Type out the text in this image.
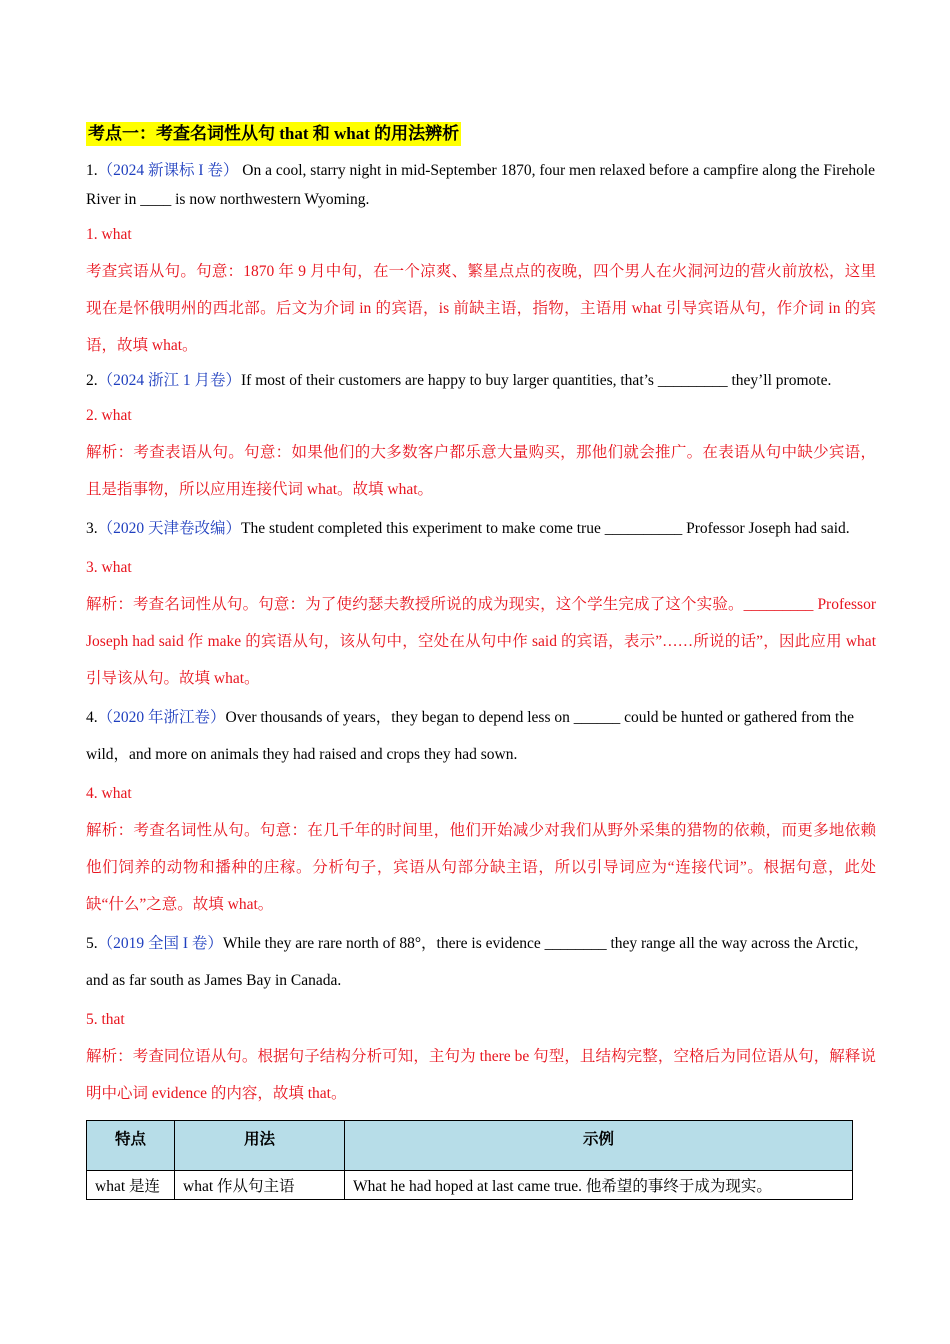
考点一：考查名词性从句 that 和 what 的用法辨析

1.（2024 新课标 I 卷） On a cool, starry night in mid-September 1870, four men relaxed before a campfire along the Firehole River in ____ is now northwestern Wyoming.

1. what

考查宾语从句。句意：1870 年 9 月中旬，在一个凉爽、繁星点点的夜晚，四个男人在火洞河边的营火前放松，这里现在是怀俄明州的西北部。后文为介词 in 的宾语，is 前缺主语，指物，主语用 what 引导宾语从句，作介词 in 的宾语，故填 what。

2.（2024 浙江 1 月卷）If most of their customers are happy to buy larger quantities, that’s _________ they’ll promote.

2. what

解析：考查表语从句。句意：如果他们的大多数客户都乐意大量购买，那他们就会推广。在表语从句中缺少宾语，且是指事物，所以应用连接代词 what。故填 what。

3.（2020 天津卷改编）The student completed this experiment to make come true __________ Professor Joseph had said.

3. what

解析：考查名词性从句。句意：为了使约瑟夫教授所说的成为现实，这个学生完成了这个实验。_________ Professor Joseph had said 作 make 的宾语从句，该从句中，空处在从句中作 said 的宾语，表示”……所说的话”，因此应用 what 引导该从句。故填 what。

4.（2020 年浙江卷）Over thousands of years，they began to depend less on ______ could be hunted or gathered from the wild，and more on animals they had raised and crops they had sown.

4. what

解析：考查名词性从句。句意：在几千年的时间里，他们开始减少对我们从野外采集的猎物的依赖，而更多地依赖他们饲养的动物和播种的庄稼。分析句子，宾语从句部分缺主语，所以引导词应为“连接代词”。根据句意，此处缺“什么”之意。故填 what。

5.（2019 全国 I 卷）While they are rare north of 88°，there is evidence ________ they range all the way across the Arctic, and as far south as James Bay in Canada.

5. that

解析：考查同位语从句。根据句子结构分析可知，主句为 there be 句型，且结构完整，空格后为同位语从句，解释说明中心词 evidence 的内容，故填 that。

特点	用法	示例
what 是连	what 作从句主语	What he had hoped at last came true. 他希望的事终于成为现实。
